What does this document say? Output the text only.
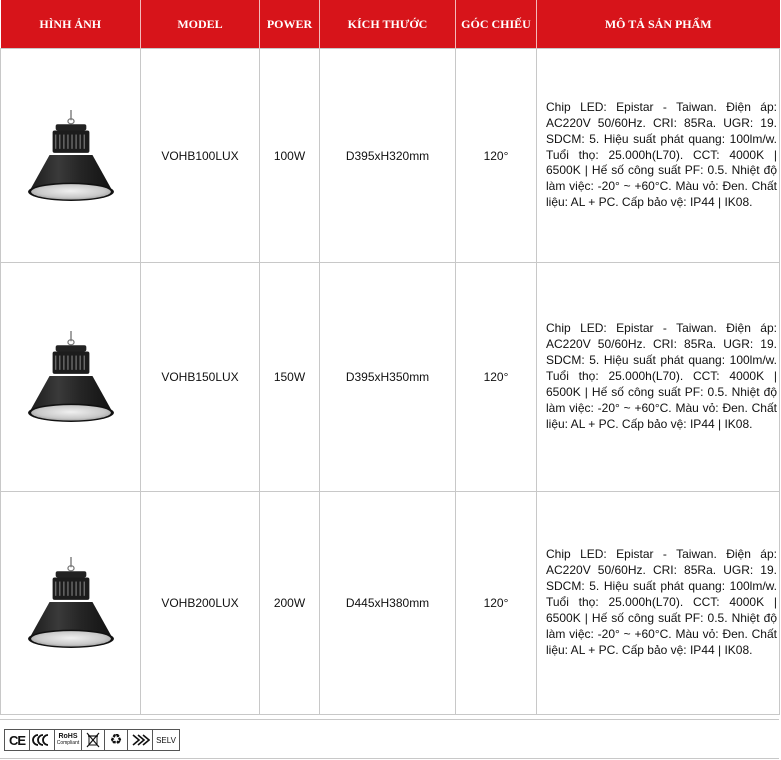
HÌNH ẢNH	MODEL	POWER	KÍCH THƯỚC	GÓC CHIẾU	MÔ TẢ SẢN PHẨM

	VOHB100LUX	100W	D395xH320mm	120°	Chip LED: Epistar - Taiwan. Điện áp: AC220V 50/60Hz. CRI: 85Ra. UGR: 19. SDCM: 5. Hiệu suất phát quang: 100lm/w. Tuổi thọ: 25.000h(L70). CCT: 4000K | 6500K | Hế số công suất PF: 0.5. Nhiệt độ làm việc: -20° ~ +60°C. Màu vỏ: Đen. Chất liệu: AL + PC. Cấp bảo vệ: IP44 | IK08.

	VOHB150LUX	150W	D395xH350mm	120°	Chip LED: Epistar - Taiwan. Điện áp: AC220V 50/60Hz. CRI: 85Ra. UGR: 19. SDCM: 5. Hiệu suất phát quang: 100lm/w. Tuổi thọ: 25.000h(L70). CCT: 4000K | 6500K | Hế số công suất PF: 0.5. Nhiệt độ làm việc: -20° ~ +60°C. Màu vỏ: Đen. Chất liệu: AL + PC. Cấp bảo vệ: IP44 | IK08.

	VOHB200LUX	200W	D445xH380mm	120°	Chip LED: Epistar - Taiwan. Điện áp: AC220V 50/60Hz. CRI: 85Ra. UGR: 19. SDCM: 5. Hiệu suất phát quang: 100lm/w. Tuổi thọ: 25.000h(L70). CCT: 4000K | 6500K | Hế số công suất PF: 0.5. Nhiệt độ làm việc: -20° ~ +60°C. Màu vỏ: Đen. Chất liệu: AL + PC. Cấp bảo vệ: IP44 | IK08.
CE	RoHS
Compliant ♻	SELV
